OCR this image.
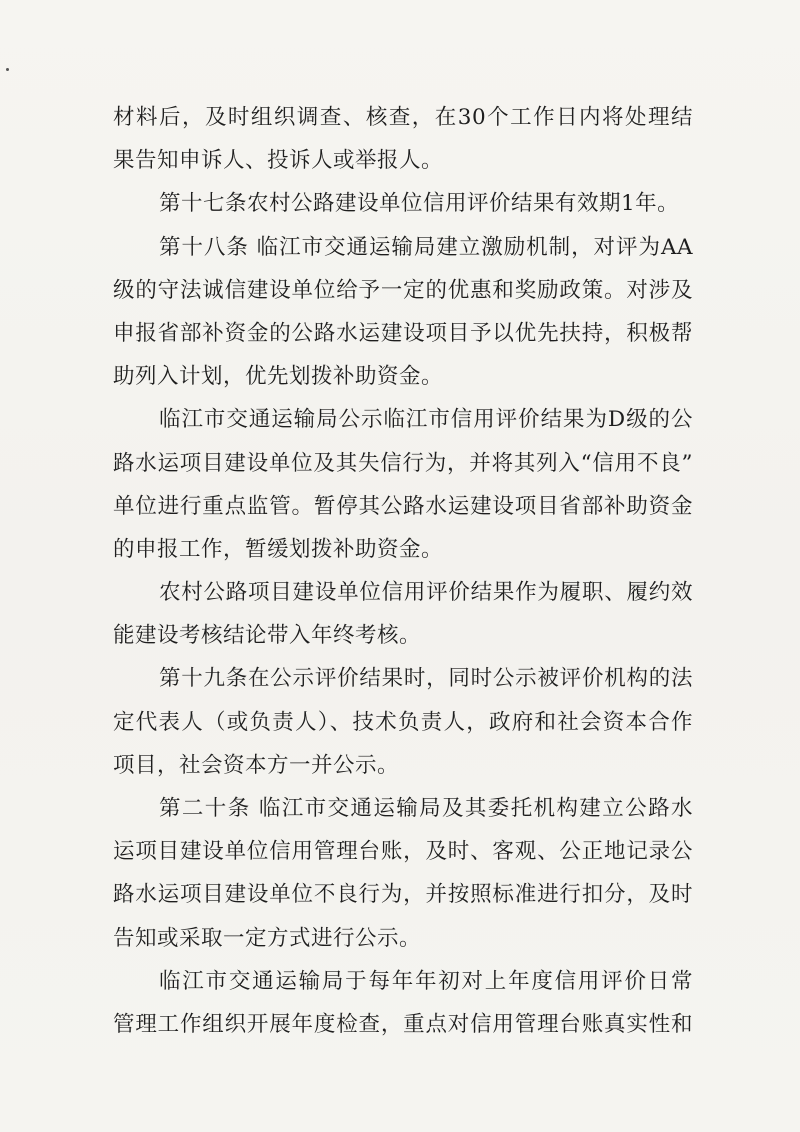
材料后，及时组织调查、核查，在30个工作日内将处理结
果告知申诉人、投诉人或举报人。
第十七条农村公路建设单位信用评价结果有效期1年。
第十八条 临江市交通运输局建立激励机制，对评为AA
级的守法诚信建设单位给予一定的优惠和奖励政策。对涉及
申报省部补资金的公路水运建设项目予以优先扶持，积极帮
助列入计划，优先划拨补助资金。
临江市交通运输局公示临江市信用评价结果为D级的公
路水运项目建设单位及其失信行为，并将其列入“信用不良”
单位进行重点监管。暂停其公路水运建设项目省部补助资金
的申报工作，暂缓划拨补助资金。
农村公路项目建设单位信用评价结果作为履职、履约效
能建设考核结论带入年终考核。
第十九条在公示评价结果时，同时公示被评价机构的法
定代表人（或负责人）、技术负责人，政府和社会资本合作
项目，社会资本方一并公示。
第二十条 临江市交通运输局及其委托机构建立公路水
运项目建设单位信用管理台账，及时、客观、公正地记录公
路水运项目建设单位不良行为，并按照标准进行扣分，及时
告知或采取一定方式进行公示。
临江市交通运输局于每年年初对上年度信用评价日常
管理工作组织开展年度检查，重点对信用管理台账真实性和
